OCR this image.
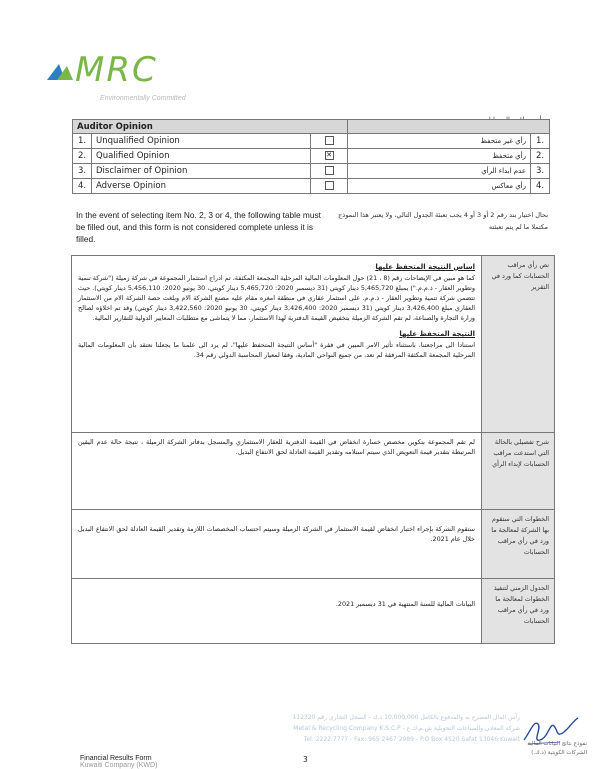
MRC
Environmentally Committed
Auditor Opinion				
1.	Unqualified Opinion		رأي غير متحفظ	1.
2.	Qualified Opinion	✕	رأي متحفظ	2.
3.	Disclaimer of Opinion		عدم ابداء الرأي	3.
4.	Adverse Opinion		رأي معاكس	4.
In the event of selecting item No. 2, 3 or 4, the following table must be filled out, and this form is not considered complete unless it is filled.
بحال اختيار بند رقم 2 أو 3 أو 4 يجب تعبئة الجدول التالي، ولا يعتبر هذا النموذج مكتملا ما لم يتم تعبئته
اساس النتيجة المتحفظ عليها
كما هو مبين في الإيضاحات رقم (8 ، 21) حول المعلومات المالية المرحلية المجمعة المكثفة، تم ادراج استثمار المجموعة في شركة زميلة ("شركة تنمية وتطوير العقار - ذ.م.م.") بمبلغ 5,465,720 دينار كويتي (31 ديسمبر 2020: 5,465,720 دينار كويتي، 30 يونيو 2020: 5,456,110 دينار كويتي). حيث تتضمن شركة تنمية وتطوير العقار - ذ.م.م. على استثمار عقاري في منطقة امغره مقام عليه مصنع الشركة الام وبلغت حصة الشركة الام من الاستثمار العقاري مبلغ 3,426,400 دينار كويتي (31 ديسمبر 2020: 3,426,400 دينار كويتي، 30 يونيو 2020: 3,422,560 دينار كويتي) وقد تم اخلاؤه لصالح وزارة التجارة والصناعة، لم تقم الشركة الزميلة بتخفيض القيمة الدفترية لهذا الاستثمار، مما لا يتماشى مع متطلبات المعايير الدولية للتقارير المالية.
النتيجة المتحفظ عليها
استنادا الى مراجعتنا، باستثناء تأثير الامر المبين في فقرة "أساس النتيجة المتحفظ عليها"، لم يرد الى علمنا ما يجعلنا نعتقد بأن المعلومات المالية المرحلية المجمعة المكثفة المرفقة لم تعد، من جميع النواحي المادية، وفقا لمعيار المحاسبة الدولي رقم 34.	نص رأي مراقب الحسابات كما ورد في التقرير

لم تقم المجموعة بتكوين مخصص خسارة انخفاض في القيمة الدفترية للعقار الاستثماري والمسجل بدفاتر الشركة الزميلة ، نتيجة حالة عدم اليقين المرتبطة بتقدير قيمة التعويض الذي سيتم استلامه وتقدير القيمة العادلة لحق الانتفاع البديل.	شرح تفصيلي بالحالة التي استدعت مراقب الحسابات لإبداء الرأي

ستقوم الشركة بإجراء اختبار انخفاض لقيمة الاستثمار في الشركة الزميلة وسيتم احتساب المخصصات اللازمة وتقدير القيمة العادلة لحق الانتفاع البديل خلال عام 2021.	الخطوات التي ستقوم بها الشركة لمعالجة ما ورد في رأي مراقب الحسابات

البيانات المالية للسنة المنتهية في 31 ديسمبر 2021.	الجدول الزمني لتنفيذ الخطوات لمعالجة ما ورد في رأي مراقب الحسابات
رأس المال المصرح به والمدفوع بالكامل 10,000,000 د.ك - السجل التجاري رقم 112320
شركة المعادن والصناعات التحويلية ش.م.ك.ع - Metal & Recycling Company K.S.C.P
Tel: 2222 7777 - Fax: 965 2467 2989 - P.O Box 4520 Safat 13046 Kuwait
Financial Results Form
Kuwaiti Company (KWD)
3
نموذج نتائج البيانات المالية
الشركات الكويتية (د.ك.)
